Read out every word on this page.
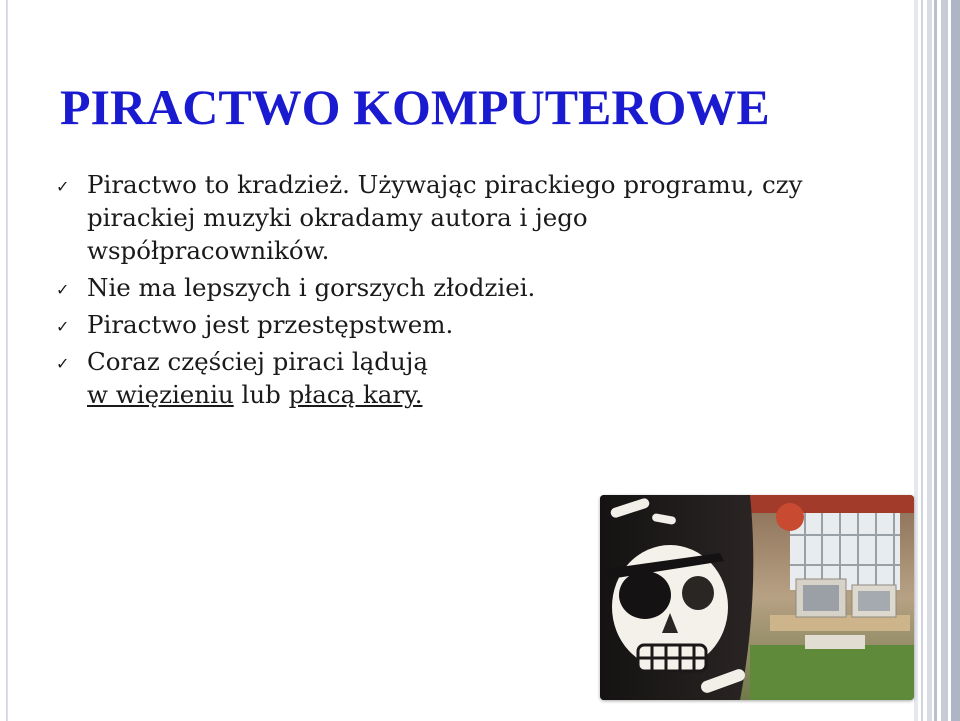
PIRACTWO KOMPUTEROWE
✓ Piractwo to kradzież. Używając pirackiego programu, czy pirackiej muzyki okradamy autora i jego współpracowników.
✓ Nie ma lepszych i gorszych złodziei.
✓ Piractwo jest przestępstwem.
✓ Coraz częściej piraci lądują
w więzieniu lub płacą kary.
